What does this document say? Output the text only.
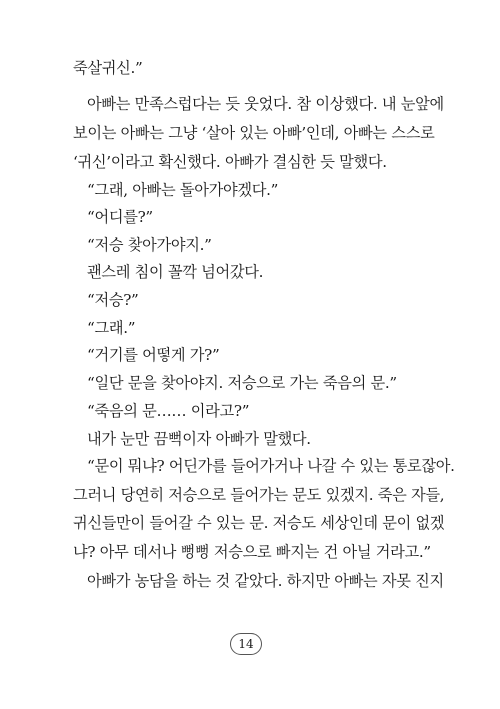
죽살귀신.”
아빠는 만족스럽다는 듯 웃었다. 참 이상했다. 내 눈앞에
보이는 아빠는 그냥 ‘살아 있는 아빠’인데, 아빠는 스스로
‘귀신’이라고 확신했다. 아빠가 결심한 듯 말했다.
“그래, 아빠는 돌아가야겠다.”
“어디를?”
“저승 찾아가야지.”
괜스레 침이 꼴깍 넘어갔다.
“저승?”
“그래.”
“거기를 어떻게 가?”
“일단 문을 찾아야지. 저승으로 가는 죽음의 문.”
“죽음의 문…… 이라고?”
내가 눈만 끔뻑이자 아빠가 말했다.
“문이 뭐냐? 어딘가를 들어가거나 나갈 수 있는 통로잖아.
그러니 당연히 저승으로 들어가는 문도 있겠지. 죽은 자들,
귀신들만이 들어갈 수 있는 문. 저승도 세상인데 문이 없겠
냐? 아무 데서나 뻥뻥 저승으로 빠지는 건 아닐 거라고.”
아빠가 농담을 하는 것 같았다. 하지만 아빠는 자못 진지
14
